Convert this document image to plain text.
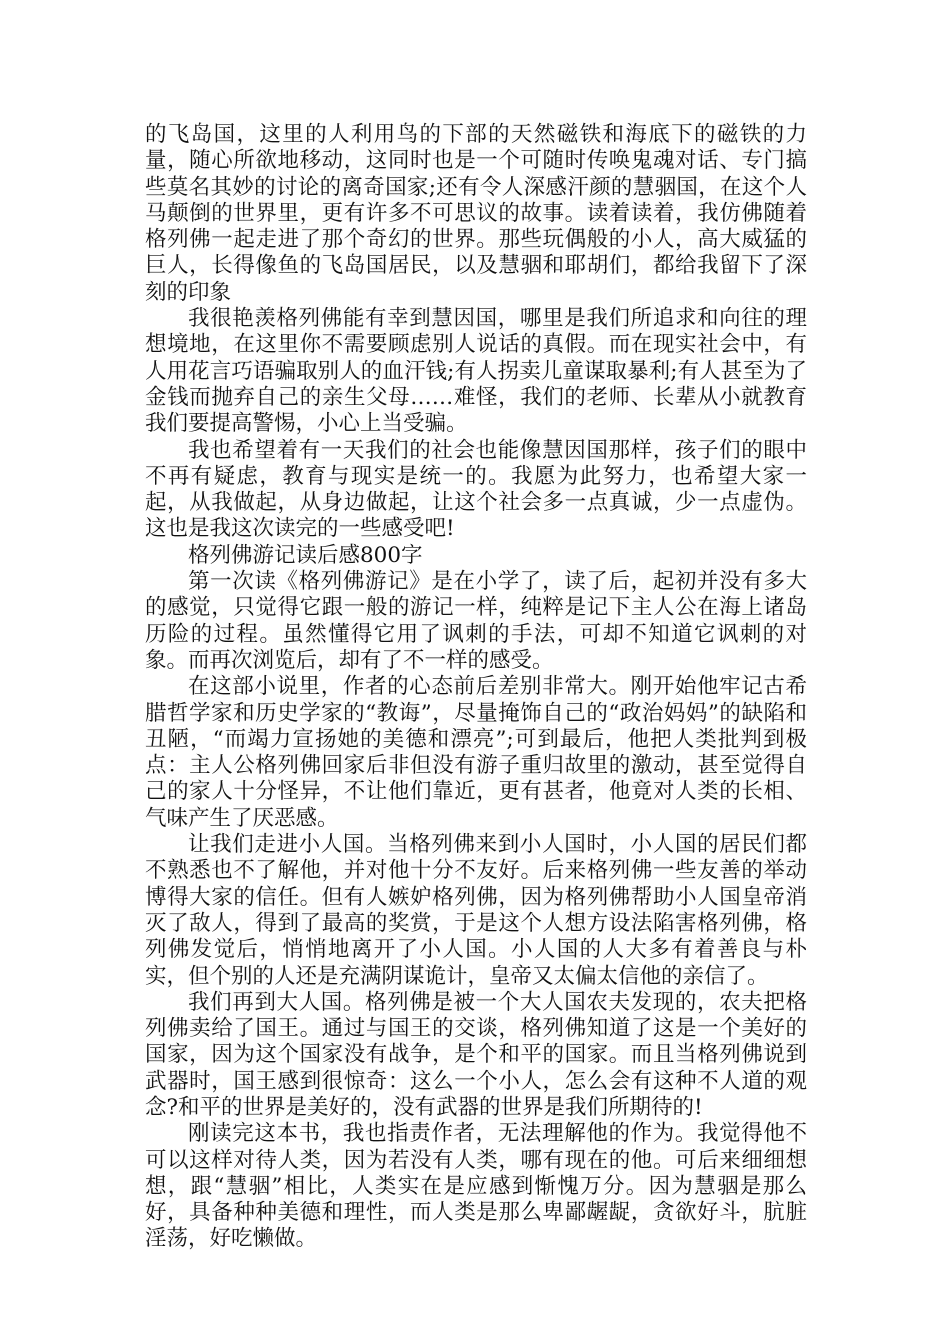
的飞岛国，这里的人利用鸟的下部的天然磁铁和海底下的磁铁的力量，随心所欲地移动，这同时也是一个可随时传唤鬼魂对话、专门搞些莫名其妙的讨论的离奇国家;还有令人深感汗颜的慧骃国，在这个人马颠倒的世界里，更有许多不可思议的故事。读着读着，我仿佛随着格列佛一起走进了那个奇幻的世界。那些玩偶般的小人，高大威猛的巨人，长得像鱼的飞岛国居民，以及慧骃和耶胡们，都给我留下了深刻的印象

我很艳羡格列佛能有幸到慧因国，哪里是我们所追求和向往的理想境地，在这里你不需要顾虑别人说话的真假。而在现实社会中，有人用花言巧语骗取别人的血汗钱;有人拐卖儿童谋取暴利;有人甚至为了金钱而抛弃自己的亲生父母……难怪，我们的老师、长辈从小就教育我们要提高警惕，小心上当受骗。

我也希望着有一天我们的社会也能像慧因国那样，孩子们的眼中不再有疑虑，教育与现实是统一的。我愿为此努力，也希望大家一起，从我做起，从身边做起，让这个社会多一点真诚，少一点虚伪。这也是我这次读完的一些感受吧!

格列佛游记读后感800字

第一次读《格列佛游记》是在小学了，读了后，起初并没有多大的感觉，只觉得它跟一般的游记一样，纯粹是记下主人公在海上诸岛历险的过程。虽然懂得它用了讽刺的手法，可却不知道它讽刺的对象。而再次浏览后，却有了不一样的感受。

在这部小说里，作者的心态前后差别非常大。刚开始他牢记古希腊哲学家和历史学家的“教诲”，尽量掩饰自己的“政治妈妈”的缺陷和丑陋，“而竭力宣扬她的美德和漂亮”;可到最后，他把人类批判到极点：主人公格列佛回家后非但没有游子重归故里的激动，甚至觉得自己的家人十分怪异，不让他们靠近，更有甚者，他竟对人类的长相、气味产生了厌恶感。

让我们走进小人国。当格列佛来到小人国时，小人国的居民们都不熟悉也不了解他，并对他十分不友好。后来格列佛一些友善的举动博得大家的信任。但有人嫉妒格列佛，因为格列佛帮助小人国皇帝消灭了敌人，得到了最高的奖赏，于是这个人想方设法陷害格列佛，格列佛发觉后，悄悄地离开了小人国。小人国的人大多有着善良与朴实，但个别的人还是充满阴谋诡计，皇帝又太偏太信他的亲信了。

我们再到大人国。格列佛是被一个大人国农夫发现的，农夫把格列佛卖给了国王。通过与国王的交谈，格列佛知道了这是一个美好的国家，因为这个国家没有战争，是个和平的国家。而且当格列佛说到武器时，国王感到很惊奇：这么一个小人，怎么会有这种不人道的观念?和平的世界是美好的，没有武器的世界是我们所期待的!

刚读完这本书，我也指责作者，无法理解他的作为。我觉得他不可以这样对待人类，因为若没有人类，哪有现在的他。可后来细细想想，跟“慧骃”相比，人类实在是应感到惭愧万分。因为慧骃是那么好，具备种种美德和理性，而人类是那么卑鄙龌龊，贪欲好斗，肮脏淫荡，好吃懒做。
